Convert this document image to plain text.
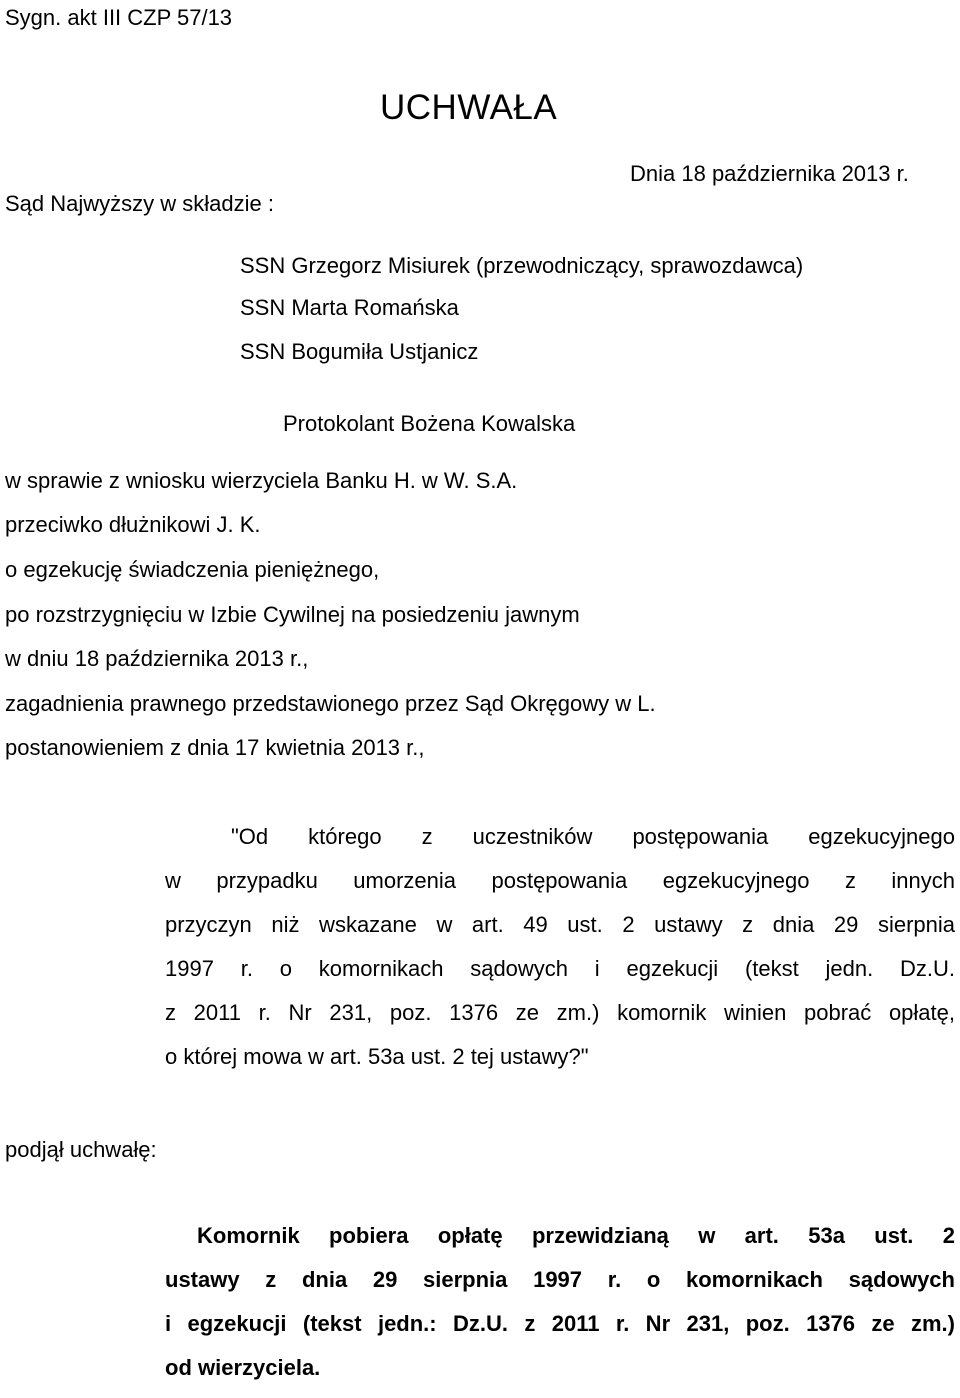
Sygn. akt III CZP 57/13
UCHWAŁA
Dnia 18 października 2013 r.
Sąd Najwyższy w składzie :
SSN Grzegorz Misiurek (przewodniczący, sprawozdawca)
SSN Marta Romańska
SSN Bogumiła Ustjanicz
Protokolant Bożena Kowalska
w sprawie z wniosku wierzyciela Banku H. w W. S.A.
przeciwko dłużnikowi J. K.
o egzekucję świadczenia pieniężnego,
po rozstrzygnięciu w Izbie Cywilnej na posiedzeniu jawnym
w dniu 18 października 2013 r.,
zagadnienia prawnego przedstawionego przez Sąd Okręgowy w L.
postanowieniem z dnia 17 kwietnia 2013 r.,
"Od którego z uczestników postępowania egzekucyjnego
w przypadku umorzenia postępowania egzekucyjnego z innych
przyczyn niż wskazane w art. 49 ust. 2 ustawy z dnia 29 sierpnia
1997 r. o komornikach sądowych i egzekucji (tekst jedn. Dz.U.
z 2011 r. Nr 231, poz. 1376 ze zm.) komornik winien pobrać opłatę,
o której mowa w art. 53a ust. 2 tej ustawy?"
podjął uchwałę:
Komornik pobiera opłatę przewidzianą w art. 53a ust. 2
ustawy z dnia 29 sierpnia 1997 r. o komornikach sądowych
i egzekucji (tekst jedn.: Dz.U. z 2011 r. Nr 231, poz. 1376 ze zm.)
od wierzyciela.
